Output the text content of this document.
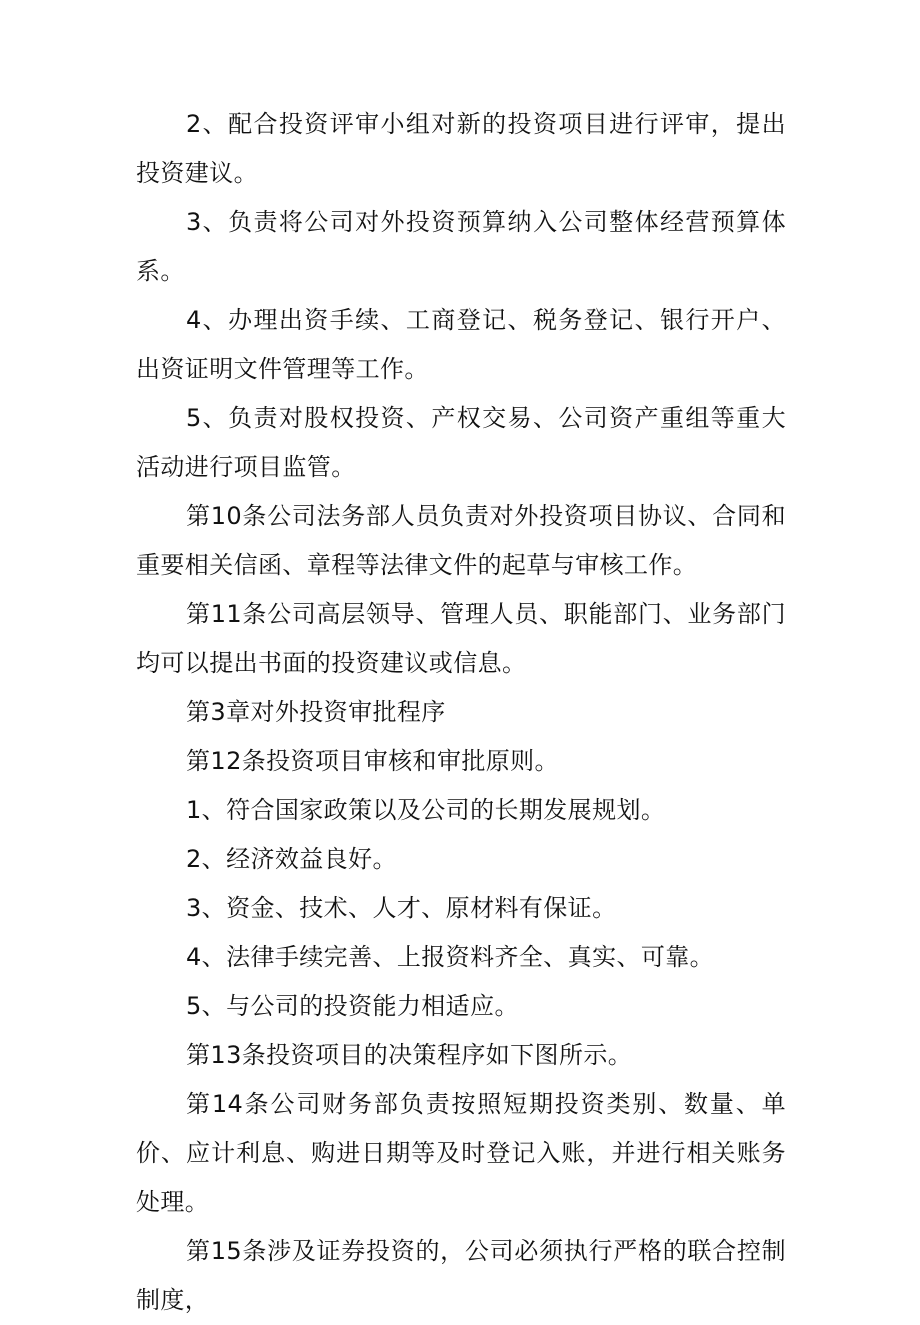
2、配合投资评审小组对新的投资项目进行评审，提出投资建议。

3、负责将公司对外投资预算纳入公司整体经营预算体系。

4、办理出资手续、工商登记、税务登记、银行开户、出资证明文件管理等工作。

5、负责对股权投资、产权交易、公司资产重组等重大活动进行项目监管。

第10条公司法务部人员负责对外投资项目协议、合同和重要相关信函、章程等法律文件的起草与审核工作。

第11条公司高层领导、管理人员、职能部门、业务部门均可以提出书面的投资建议或信息。

第3章对外投资审批程序

第12条投资项目审核和审批原则。

1、符合国家政策以及公司的长期发展规划。

2、经济效益良好。

3、资金、技术、人才、原材料有保证。

4、法律手续完善、上报资料齐全、真实、可靠。

5、与公司的投资能力相适应。

第13条投资项目的决策程序如下图所示。

第14条公司财务部负责按照短期投资类别、数量、单价、应计利息、购进日期等及时登记入账，并进行相关账务处理。

第15条涉及证券投资的，公司必须执行严格的联合控制制度，
